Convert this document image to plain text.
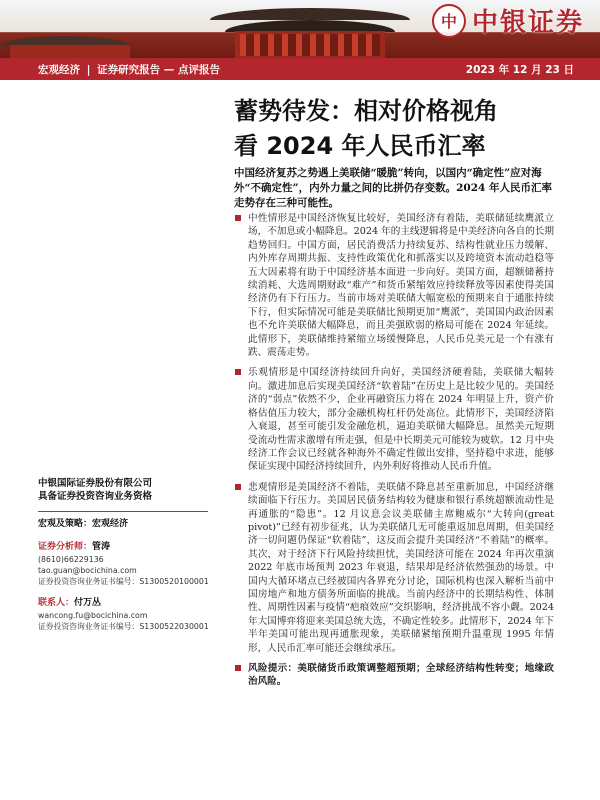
中 中银证券
宏观经济 | 证券研究报告 — 点评报告	2023 年 12 月 23 日
蓄势待发：相对价格视角
看 2024 年人民币汇率
中国经济复苏之势遇上美联储“暖脆”转向，以国内“确定性”应对海外“不确定性”，内外力量之间的比拼仍存变数。2024 年人民币汇率走势存在三种可能性。
中性情形是中国经济恢复比较好，美国经济有着陆，美联储延续鹰派立场，不加息或小幅降息。2024 年的主线逻辑将是中美经济向各自的长期趋势回归。中国方面，居民消费活力持续复苏、结构性就业压力缓解、内外库存周期共振、支持性政策优化和抓落实以及跨境资本流动趋稳等五大因素将有助于中国经济基本面进一步向好。美国方面，超额储蓄持续消耗、大选周期财政“难产”和货币紧缩效应持续释放等因素使得美国经济仍有下行压力。当前市场对美联储大幅宽松的预期来自于通胀持续下行，但实际情况可能是美联储比预期更加“鹰派”，美国国内政治因素也不允许美联储大幅降息，而且美强欧弱的格局可能在 2024 年延续。此情形下，美联储维持紧缩立场缓慢降息，人民币兑美元是一个有涨有跌、震荡走势。
乐观情形是中国经济持续回升向好，美国经济硬着陆，美联储大幅转向。激进加息后实现美国经济“软着陆”在历史上是比较少见的。美国经济的“弱点”依然不少，企业再融资压力将在 2024 年明显上升，资产价格估值压力较大，部分金融机构杠杆仍处高位。此情形下，美国经济陷入衰退，甚至可能引发金融危机，逼迫美联储大幅降息。虽然美元短期受流动性需求激增有所走强，但是中长期美元可能较为疲软。12 月中央经济工作会议已经就各种海外不确定性做出安排，坚持稳中求进，能够保证实现中国经济持续回升，内外利好将推动人民币升值。
悲观情形是美国经济不着陆，美联储不降息甚至重新加息，中国经济继续面临下行压力。美国居民债务结构较为健康和银行系统超额流动性是再通胀的“隐患”。12 月议息会议美联储主席鲍威尔“大转向(great pivot)”已经有初步征兆，认为美联储几无可能重返加息周期，但美国经济一切问题仍保证“软着陆”，这反而会提升美国经济“不着陆”的概率。其次，对于经济下行风险持续担忧，美国经济可能在 2024 年再次重演 2022 年底市场预判 2023 年衰退，结果却是经济依然强劲的场景。中国内大循环堵点已经被国内各界充分讨论，国际机构也深入解析当前中国房地产和地方债务所面临的挑战。当前内经济中的长期结构性、体制性、周期性因素与疫情“疤痕效应”交织影响，经济挑战不容小觑。2024 年大国博弈将迎来美国总统大选，不确定性较多。此情形下，2024 年下半年美国可能出现再通胀现象，美联储紧缩预期升温重现 1995 年情形，人民币汇率可能还会继续承压。
风险提示：美联储货币政策调整超预期；全球经济结构性转变；地缘政治风险。
中银国际证券股份有限公司
具备证券投资咨询业务资格
宏观及策略：宏观经济
证券分析师：管涛
(8610)66229136
tao.guan@bocichina.com
证券投资咨询业务证书编号：S1300520100001
联系人：付万丛
wancong.fu@bocichina.com
证券投资咨询业务证书编号：S1300522030001
